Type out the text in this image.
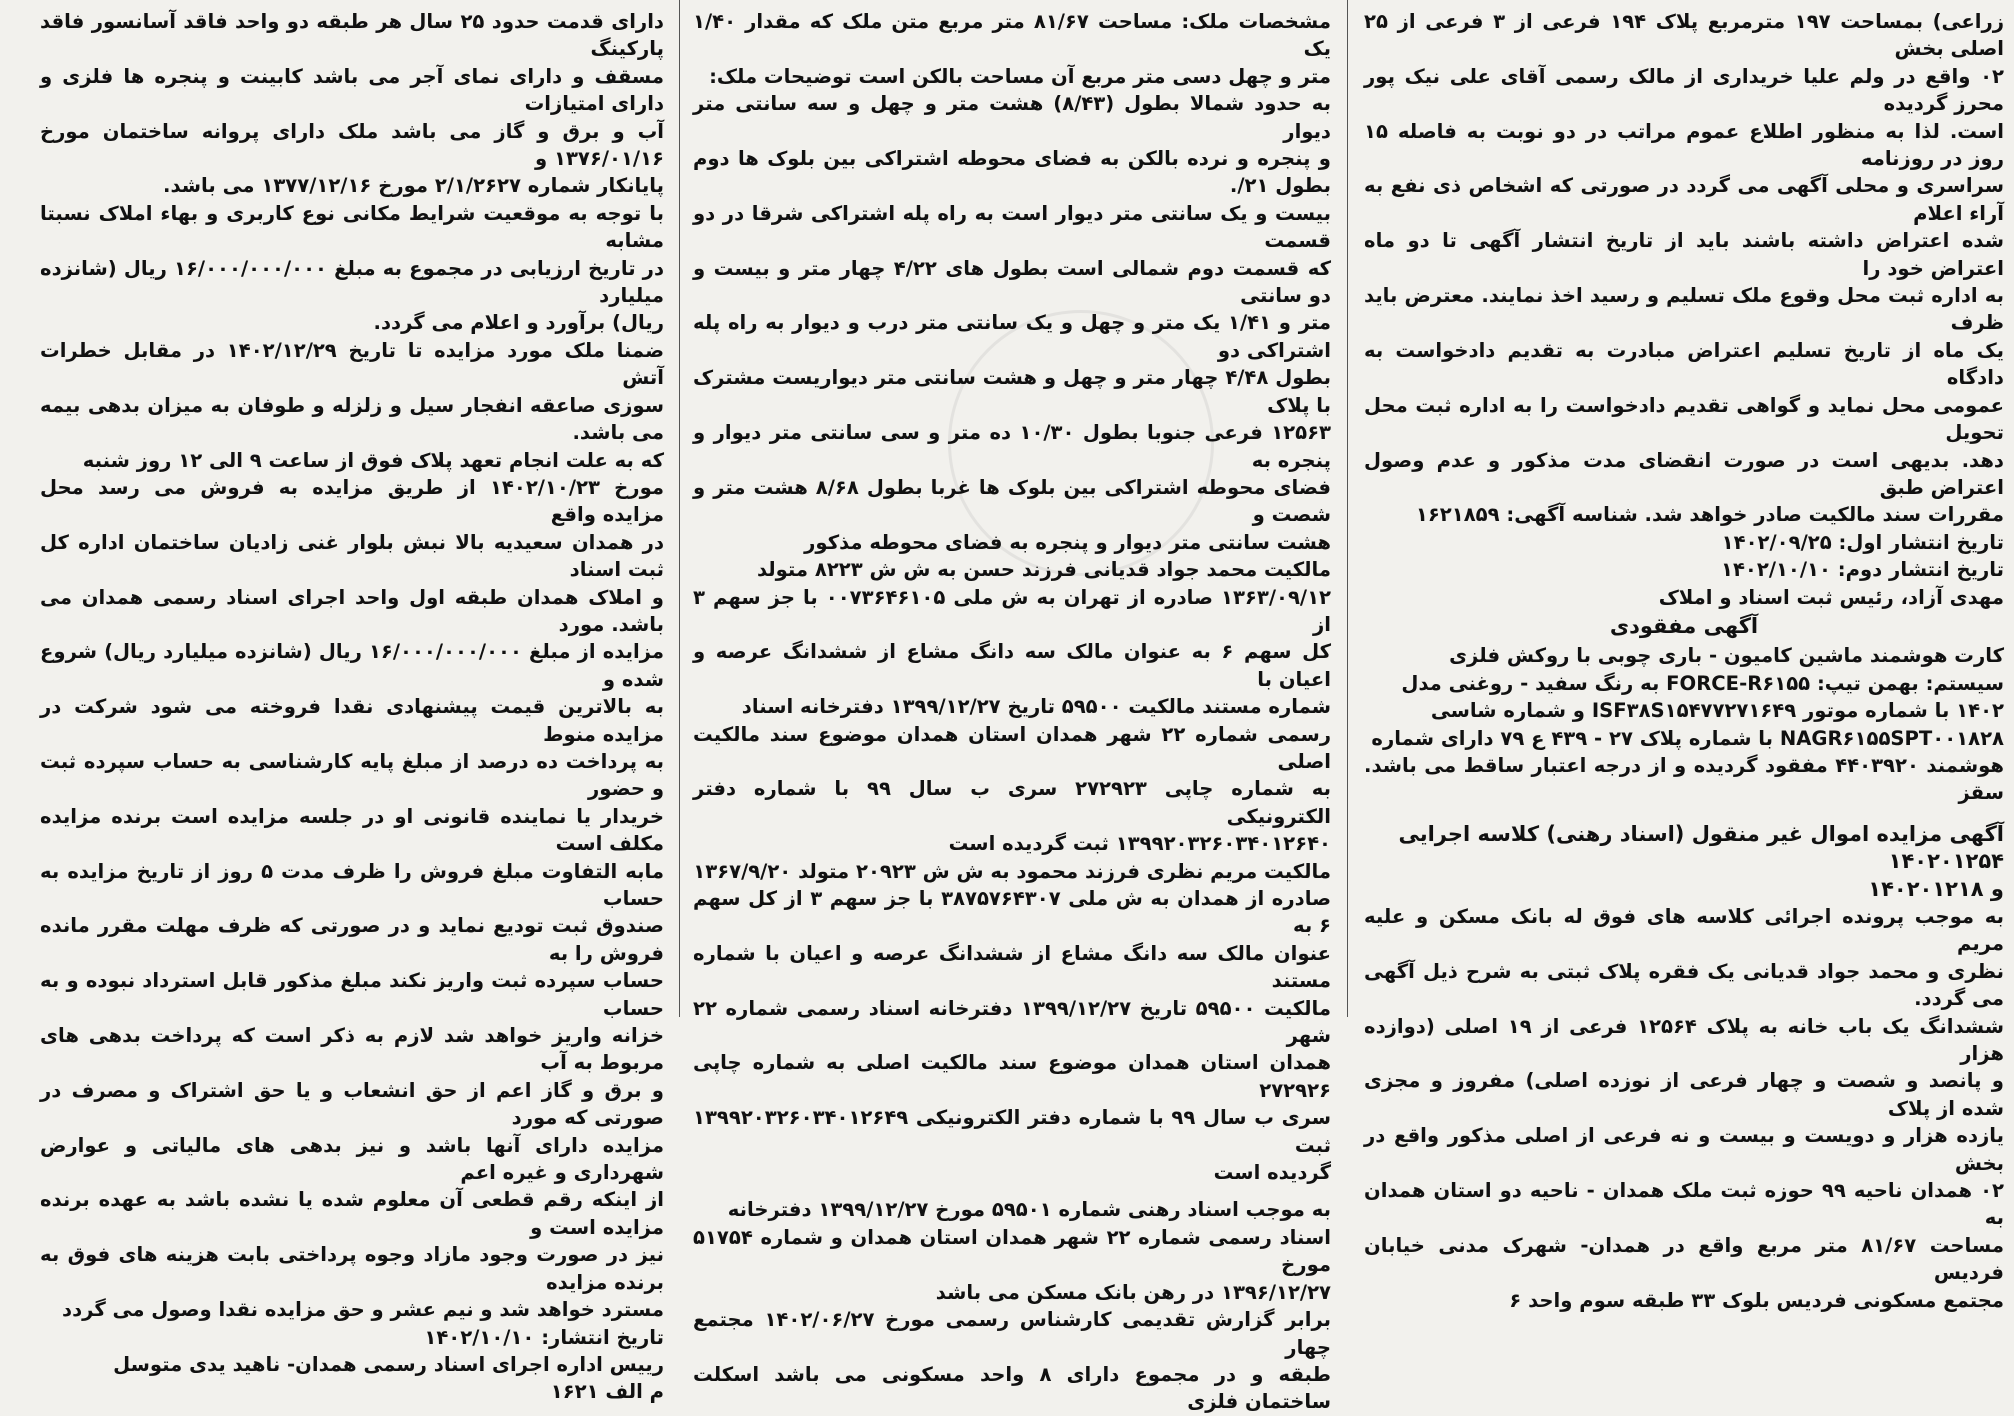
زراعی) بمساحت ۱۹۷ مترمربع پلاک ۱۹۴ فرعی از ۳ فرعی از ۲۵ اصلی بخش
۰۲ واقع در ولم علیا خریداری از مالک رسمی آقای علی نیک پور محرز گردیده
است. لذا به منظور اطلاع عموم مراتب در دو نوبت به فاصله ۱۵ روز در روزنامه
سراسری و محلی آگهی می گردد در صورتی که اشخاص ذی نفع به آراء اعلام
شده اعتراض داشته باشند باید از تاریخ انتشار آگهی تا دو ماه اعتراض خود را
به اداره ثبت محل وقوع ملک تسلیم و رسید اخذ نمایند. معترض باید ظرف
یک ماه از تاریخ تسلیم اعتراض مبادرت به تقدیم دادخواست به دادگاه
عمومی محل نماید و گواهی تقدیم دادخواست را به اداره ثبت محل تحویل
دهد. بدیهی است در صورت انقضای مدت مذکور و عدم وصول اعتراض طبق
مقررات سند مالکیت صادر خواهد شد. شناسه آگهی: ۱۶۲۱۸۵۹

تاریخ انتشار اول: ۱۴۰۲/۰۹/۲۵
تاریخ انتشار دوم: ۱۴۰۲/۱۰/۱۰
مهدی آزاد، رئیس ثبت اسناد و املاک
آگهی مفقودی

کارت هوشمند ماشین کامیون - باری چوبی با روکش فلزی
سیستم: بهمن تیپ: FORCE-R۶۱۵۵ به رنگ سفید - روغنی مدل
۱۴۰۲ با شماره موتور ISF۳۸S۱۵۴۷۷۲۷۱۶۴۹ و شماره شاسی
NAGR۶۱۵۵SPT۰۰۱۸۲۸ با شماره پلاک ۲۷ - ۴۳۹ ع ۷۹ دارای شماره
هوشمند ۴۴۰۳۹۲۰ مفقود گردیده و از درجه اعتبار ساقط می باشد. سقز

آگهی مزایده اموال غیر منقول (اسناد رهنی) کلاسه اجرایی ۱۴۰۲۰۱۲۵۴
و ۱۴۰۲۰۱۲۱۸

به موجب پرونده اجرائی کلاسه های فوق له بانک مسکن و علیه مریم
نظری و محمد جواد قدیانی یک فقره پلاک ثبتی به شرح ذیل آگهی می گردد.
ششدانگ یک باب خانه به پلاک ۱۲۵۶۴ فرعی از ۱۹ اصلی (دوازده هزار
و پانصد و شصت و چهار فرعی از نوزده اصلی) مفروز و مجزی شده از پلاک
یازده هزار و دویست و بیست و نه فرعی از اصلی مذکور واقع در بخش
۰۲ همدان ناحیه ۹۹ حوزه ثبت ملک همدان - ناحیه دو استان همدان به
مساحت ۸۱/۶۷ متر مربع واقع در همدان- شهرک مدنی خیابان فردیس
مجتمع مسکونی فردیس بلوک ۳۳ طبقه سوم واحد ۶

مشخصات ملک: مساحت ۸۱/۶۷ متر مربع متن ملک که مقدار ۱/۴۰ یک
متر و چهل دسی متر مربع آن مساحت بالکن است توضیحات ملک:

به حدود شمالا بطول (۸/۴۳) هشت متر و چهل و سه سانتی متر دیوار
و پنجره و نرده بالکن به فضای محوطه اشتراکی بین بلوک ها دوم بطول ۲۱/.
بیست و یک سانتی متر دیوار است به راه پله اشتراکی شرقا در دو قسمت
که قسمت دوم شمالی است بطول های ۴/۲۲ چهار متر و بیست و دو سانتی
متر و ۱/۴۱ یک متر و چهل و یک سانتی متر درب و دیوار به راه پله اشتراکی دو
بطول ۴/۴۸ چهار متر و چهل و هشت سانتی متر دیواریست مشترک با پلاک
۱۲۵۶۳ فرعی جنوبا بطول ۱۰/۳۰ ده متر و سی سانتی متر دیوار و پنجره به
فضای محوطه اشتراکی بین بلوک ها غربا بطول ۸/۶۸ هشت متر و شصت و
هشت سانتی متر دیوار و پنجره به فضای محوطه مذکور

مالکیت محمد جواد قدیانی فرزند حسن به ش ش ۸۲۲۳ متولد
۱۳۶۳/۰۹/۱۲ صادره از تهران به ش ملی ۰۰۷۳۶۴۶۱۰۵ با جز سهم ۳ از
کل سهم ۶ به عنوان مالک سه دانگ مشاع از ششدانگ عرصه و اعیان با
شماره مستند مالکیت ۵۹۵۰۰ تاریخ ۱۳۹۹/۱۲/۲۷ دفترخانه اسناد
رسمی شماره ۲۲ شهر همدان استان همدان موضوع سند مالکیت اصلی
به شماره چاپی ۲۷۲۹۲۳ سری ب سال ۹۹ با شماره دفتر الکترونیکی
۱۳۹۹۲۰۳۲۶۰۳۴۰۱۲۶۴۰ ثبت گردیده است

مالکیت مریم نظری فرزند محمود به ش ش ۲۰۹۲۳ متولد ۱۳۶۷/۹/۲۰
صادره از همدان به ش ملی ۳۸۷۵۷۶۴۳۰۷ با جز سهم ۳ از کل سهم ۶ به
عنوان مالک سه دانگ مشاع از ششدانگ عرصه و اعیان با شماره مستند
مالکیت ۵۹۵۰۰ تاریخ ۱۳۹۹/۱۲/۲۷ دفترخانه اسناد رسمی شماره ۲۲ شهر
همدان استان همدان موضوع سند مالکیت اصلی به شماره چاپی ۲۷۲۹۲۶
سری ب سال ۹۹ با شماره دفتر الکترونیکی ۱۳۹۹۲۰۳۲۶۰۳۴۰۱۲۶۴۹ ثبت
گردیده است

به موجب اسناد رهنی شماره ۵۹۵۰۱ مورخ ۱۳۹۹/۱۲/۲۷ دفترخانه
اسناد رسمی شماره ۲۲ شهر همدان استان همدان و شماره ۵۱۷۵۴ مورخ
۱۳۹۶/۱۲/۲۷ در رهن بانک مسکن می باشد

برابر گزارش تقدیمی کارشناس رسمی مورخ ۱۴۰۲/۰۶/۲۷ مجتمع چهار
طبقه و در مجموع دارای ۸ واحد مسکونی می باشد اسکلت ساختمان فلزی

دارای قدمت حدود ۲۵ سال هر طبقه دو واحد فاقد آسانسور فاقد پارکینگ
مسقف و دارای نمای آجر می باشد کابینت و پنجره ها فلزی و دارای امتیازات
آب و برق و گاز می باشد ملک دارای پروانه ساختمان مورخ ۱۳۷۶/۰۱/۱۶ و
پایانکار شماره ۲/۱/۲۶۲۷ مورخ ۱۳۷۷/۱۲/۱۶ می باشد.

با توجه به موقعیت شرایط مکانی نوع کاربری و بهاء املاک نسبتا مشابه
در تاریخ ارزیابی در مجموع به مبلغ ۱۶/۰۰۰/۰۰۰/۰۰۰ ریال (شانزده میلیارد
ریال) برآورد و اعلام می گردد.

ضمنا ملک مورد مزایده تا تاریخ ۱۴۰۲/۱۲/۲۹ در مقابل خطرات آتش
سوزی صاعقه انفجار سیل و زلزله و طوفان به میزان بدهی بیمه می باشد.

که به علت انجام تعهد پلاک فوق از ساعت ۹ الی ۱۲ روز شنبه
مورخ ۱۴۰۲/۱۰/۲۳ از طریق مزایده به فروش می رسد محل مزایده واقع
در همدان سعیدیه بالا نبش بلوار غنی زادیان ساختمان اداره کل ثبت اسناد
و املاک همدان طبقه اول واحد اجرای اسناد رسمی همدان می باشد. مورد
مزایده از مبلغ ۱۶/۰۰۰/۰۰۰/۰۰۰ ریال (شانزده میلیارد ریال) شروع شده و
به بالاترین قیمت پیشنهادی نقدا فروخته می شود شرکت در مزایده منوط
به پرداخت ده درصد از مبلغ پایه کارشناسی به حساب سپرده ثبت و حضور
خریدار یا نماینده قانونی او در جلسه مزایده است برنده مزایده مکلف است
مابه التفاوت مبلغ فروش را ظرف مدت ۵ روز از تاریخ مزایده به حساب
صندوق ثبت تودیع نماید و در صورتی که ظرف مهلت مقرر مانده فروش را به
حساب سپرده ثبت واریز نکند مبلغ مذکور قابل استرداد نبوده و به حساب
خزانه واریز خواهد شد لازم به ذکر است که پرداخت بدهی های مربوط به آب
و برق و گاز اعم از حق انشعاب و یا حق اشتراک و مصرف در صورتی که مورد
مزایده دارای آنها باشد و نیز بدهی های مالیاتی و عوارض شهرداری و غیره اعم
از اینکه رقم قطعی آن معلوم شده یا نشده باشد به عهده برنده مزایده است و
نیز در صورت وجود مازاد وجوه پرداختی بابت هزینه های فوق به برنده مزایده
مسترد خواهد شد و نیم عشر و حق مزایده نقدا وصول می گردد

تاریخ انتشار: ۱۴۰۲/۱۰/۱۰
رییس اداره اجرای اسناد رسمی همدان- ناهید یدی متوسل
م الف ۱۶۲۱
